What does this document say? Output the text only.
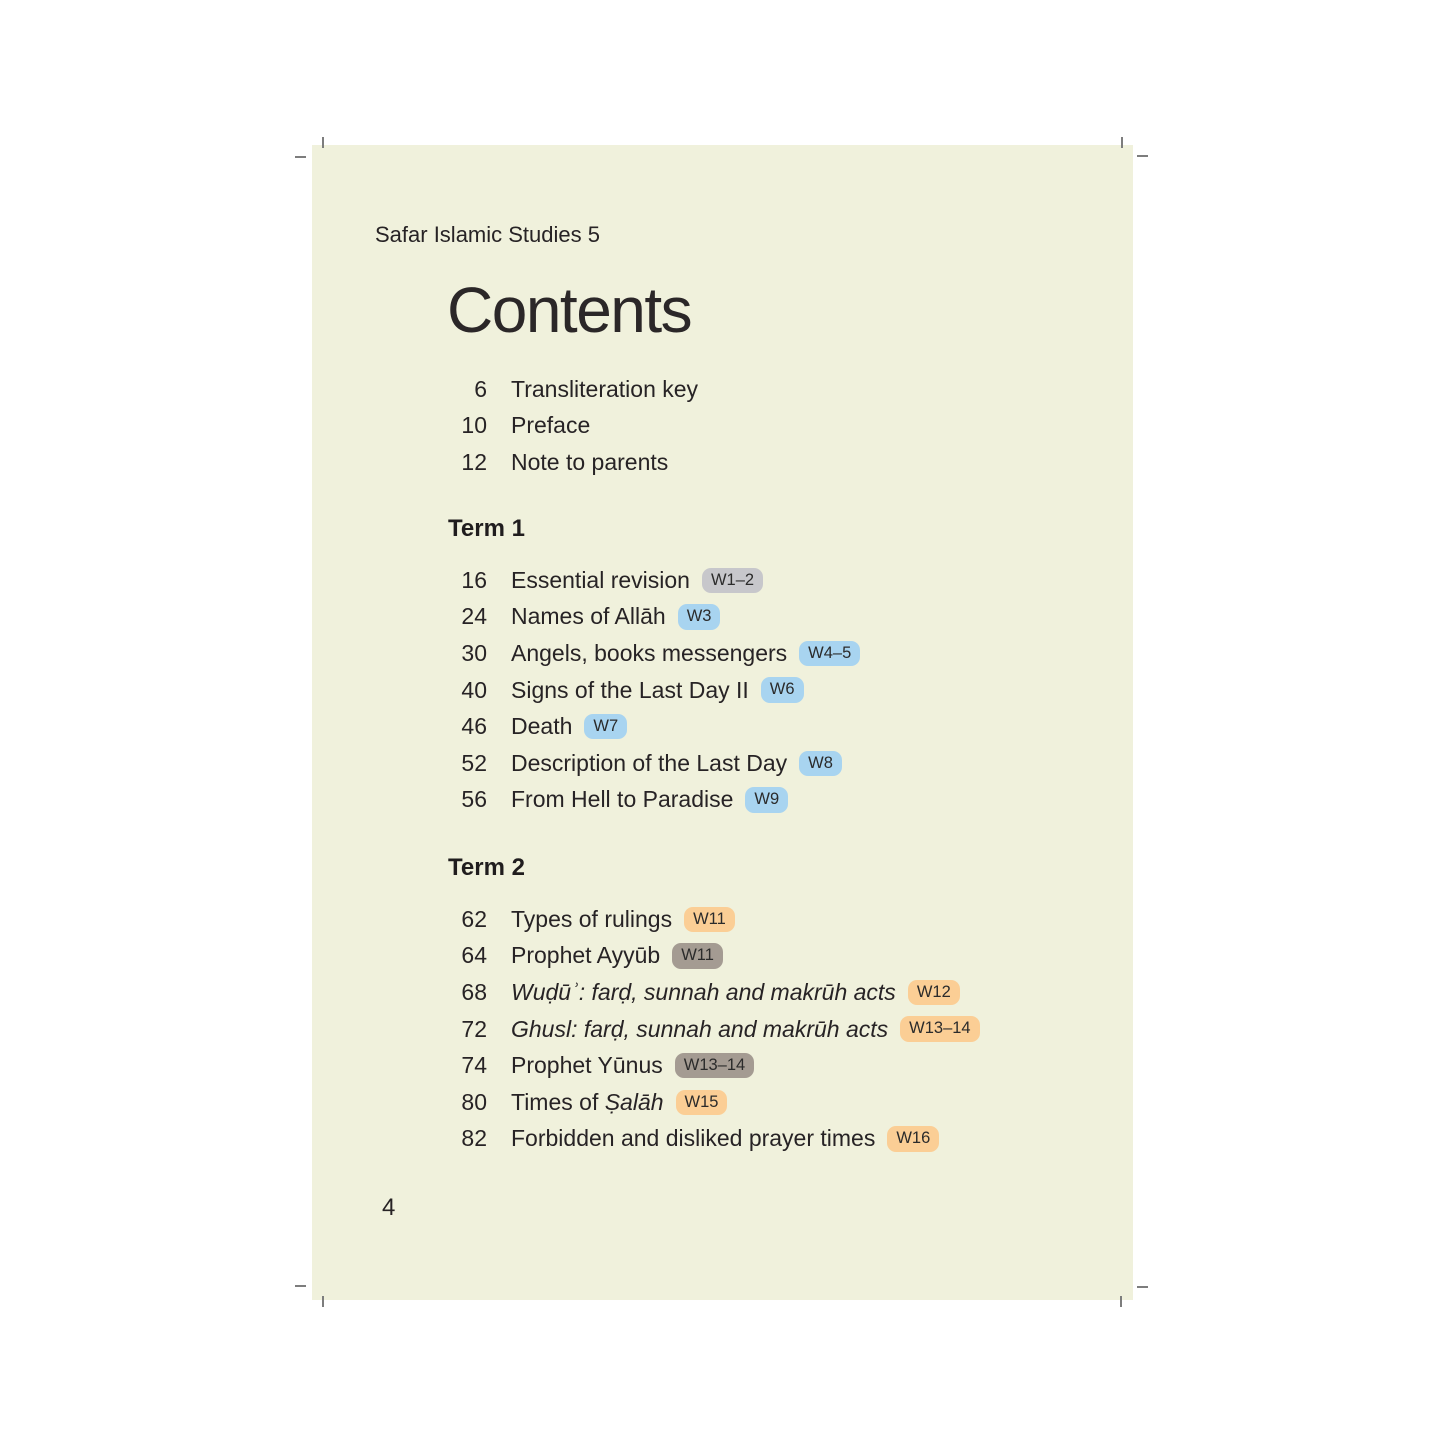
Safar Islamic Studies 5
Contents
6 Transliteration key
10 Preface
12 Note to parents
Term 1
16 Essential revision	W1–2
24 Names of Allāh	W3
30 Angels, books messengers	W4–5
40 Signs of the Last Day II	W6
46 Death	W7
52 Description of the Last Day	W8
56 From Hell to Paradise	W9
Term 2
62 Types of rulings	W11
64 Prophet Ayyūb	W11
68 Wuḍūʾ: farḍ, sunnah and makrūh acts	W12
72 Ghusl: farḍ, sunnah and makrūh acts	W13–14
74 Prophet Yūnus	W13–14
80 Times of Ṣalāh	W15
82 Forbidden and disliked prayer times	W16
4
